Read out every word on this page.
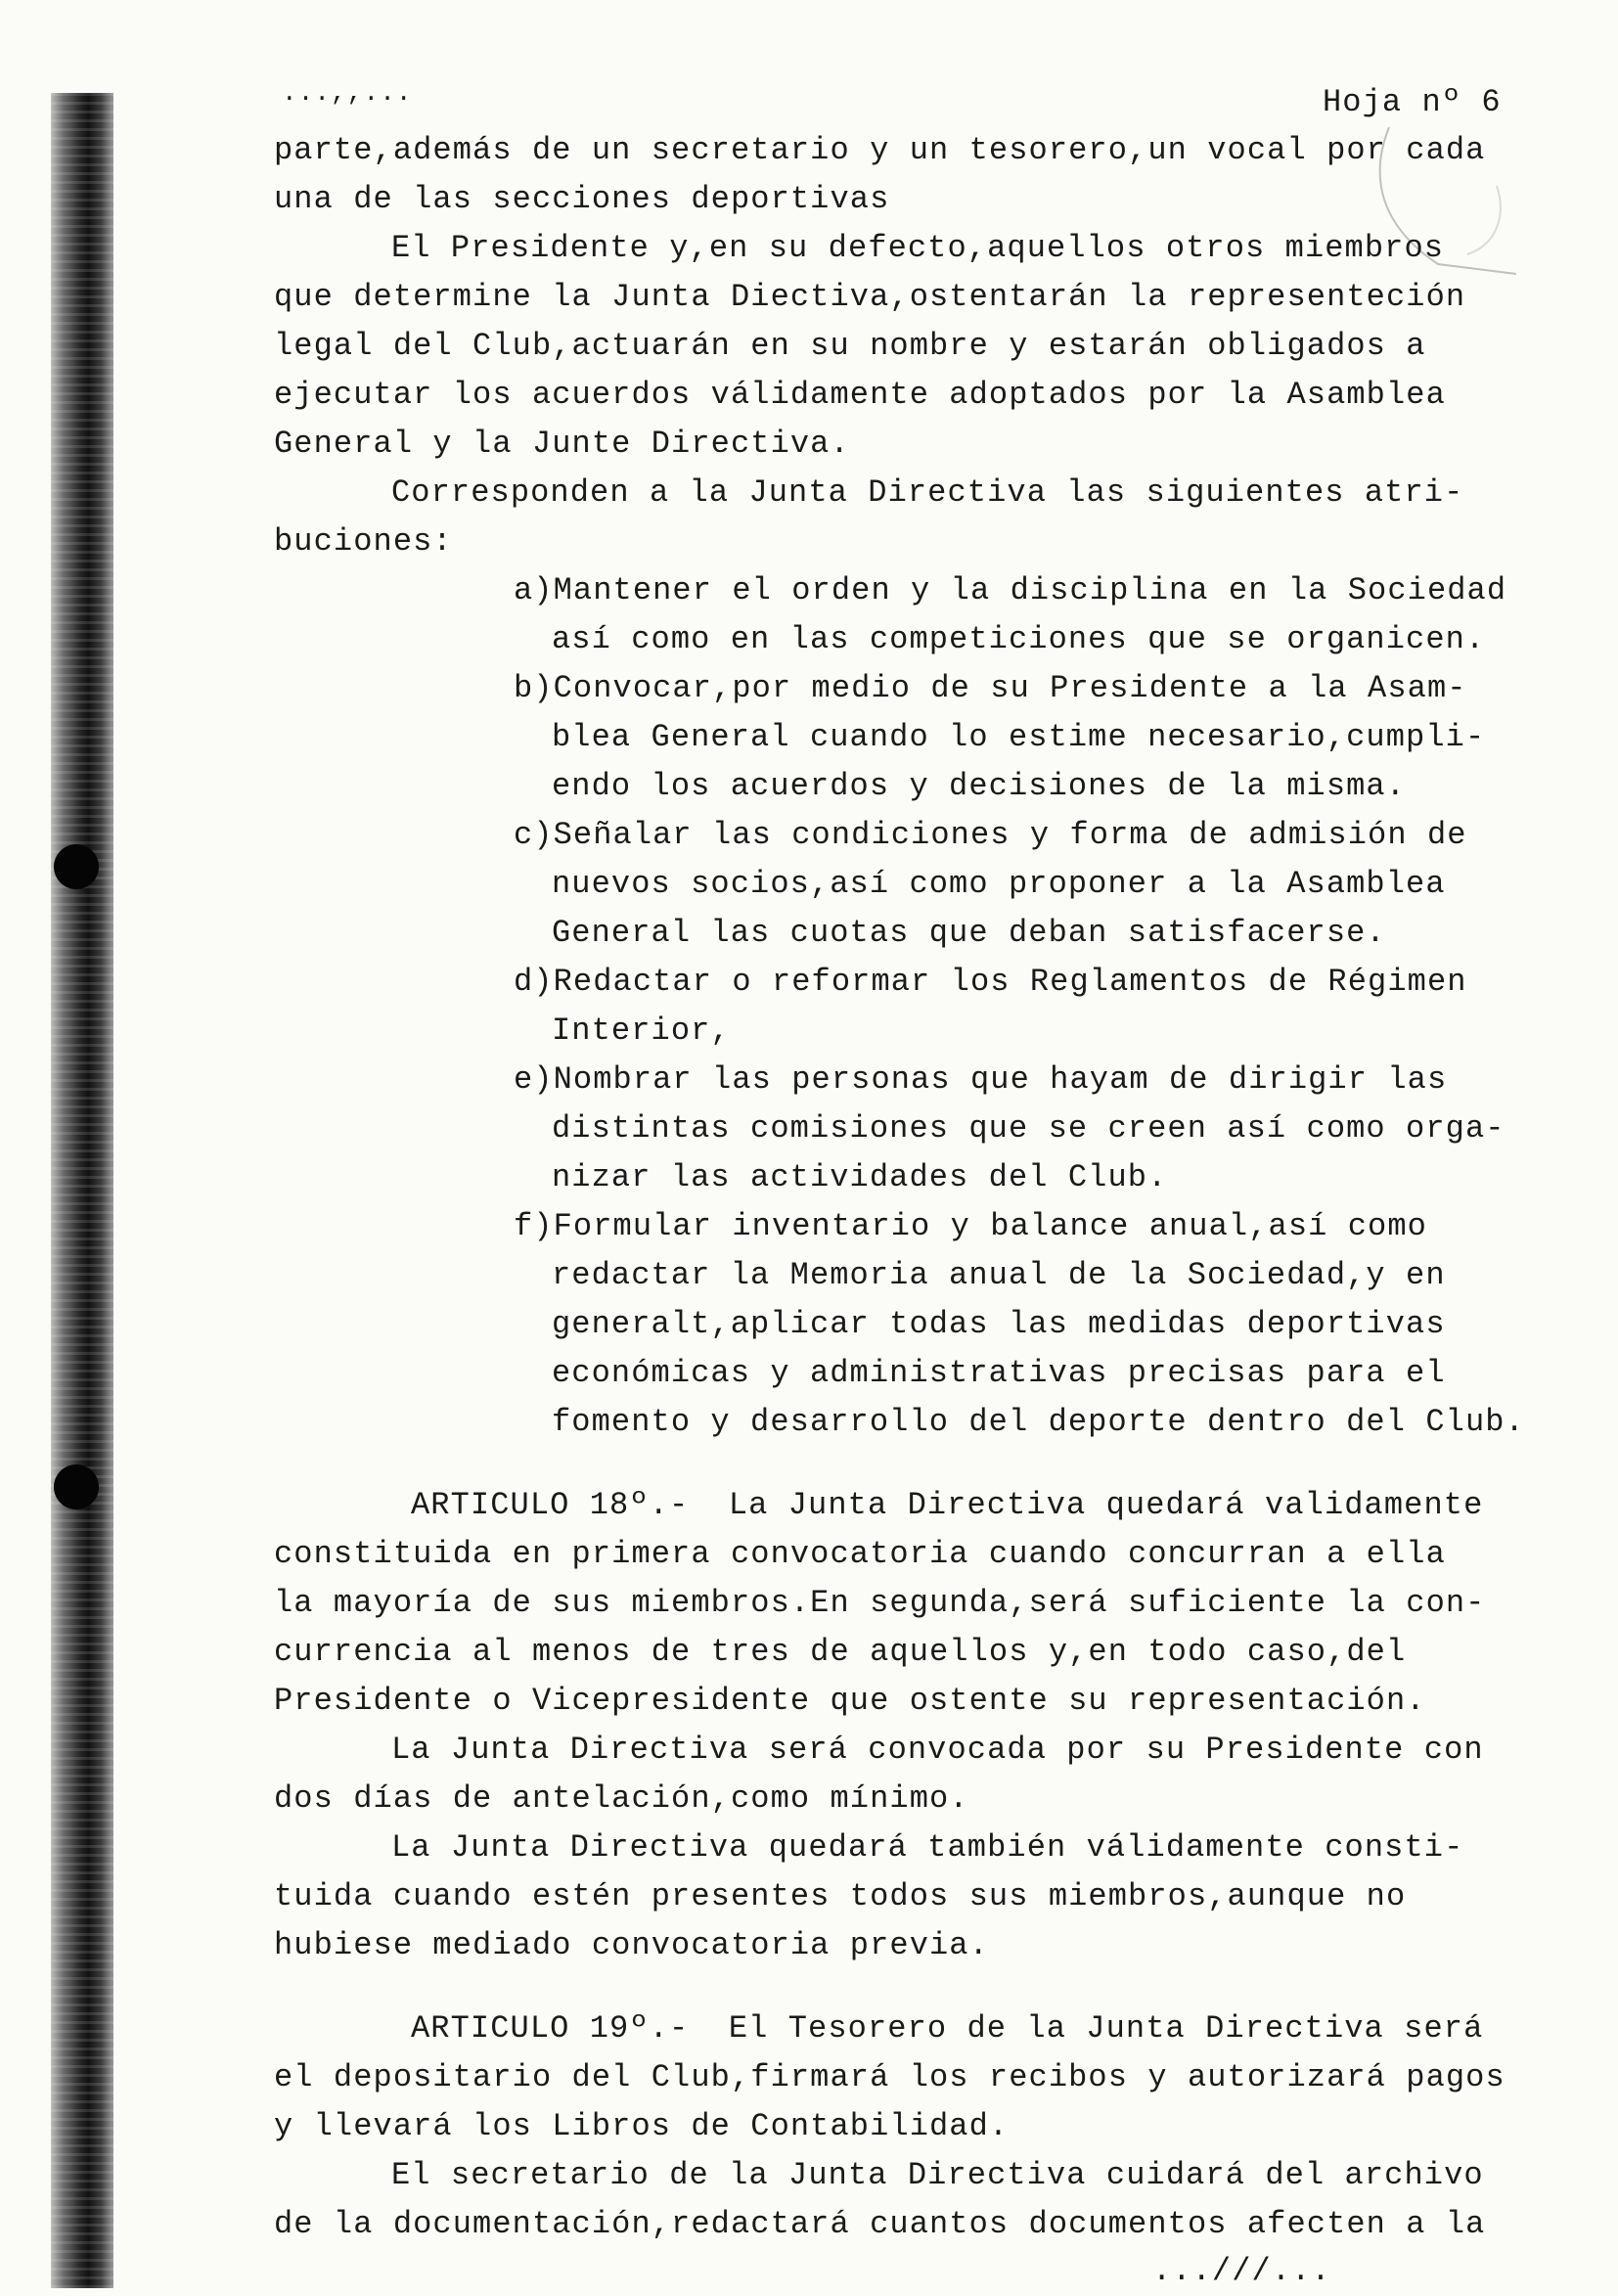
...,,...	Hoja nº 6
parte,además de un secretario y un tesorero,un vocal por cada
una de las secciones deportivas
El Presidente y,en su defecto,aquellos otros miembros
que determine la Junta Diectiva,ostentarán la representeción
legal del Club,actuarán en su nombre y estarán obligados a
ejecutar los acuerdos válidamente adoptados por la Asamblea
General y la Junte Directiva.
Corresponden a la Junta Directiva las siguientes atri-
buciones:
a)Mantener el orden y la disciplina en la Sociedad
así como en las competiciones que se organicen.
b)Convocar,por medio de su Presidente a la Asam-
blea General cuando lo estime necesario,cumpli-
endo los acuerdos y decisiones de la misma.
c)Señalar las condiciones y forma de admisión de
nuevos socios,así como proponer a la Asamblea
General las cuotas que deban satisfacerse.
d)Redactar o reformar los Reglamentos de Régimen
Interior,
e)Nombrar las personas que hayam de dirigir las
distintas comisiones que se creen así como orga-
nizar las actividades del Club.
f)Formular inventario y balance anual,así como
redactar la Memoria anual de la Sociedad,y en
generalt,aplicar todas las medidas deportivas
económicas y administrativas precisas para el
fomento y desarrollo del deporte dentro del Club.
ARTICULO 18º.-  La Junta Directiva quedará validamente
constituida en primera convocatoria cuando concurran a ella
la mayoría de sus miembros.En segunda,será suficiente la con-
currencia al menos de tres de aquellos y,en todo caso,del
Presidente o Vicepresidente que ostente su representación.
La Junta Directiva será convocada por su Presidente con
dos días de antelación,como mínimo.
La Junta Directiva quedará también válidamente consti-
tuida cuando estén presentes todos sus miembros,aunque no
hubiese mediado convocatoria previa.
ARTICULO 19º.-  El Tesorero de la Junta Directiva será
el depositario del Club,firmará los recibos y autorizará pagos
y llevará los Libros de Contabilidad.
El secretario de la Junta Directiva cuidará del archivo
de la documentación,redactará cuantos documentos afecten a la
...///...
